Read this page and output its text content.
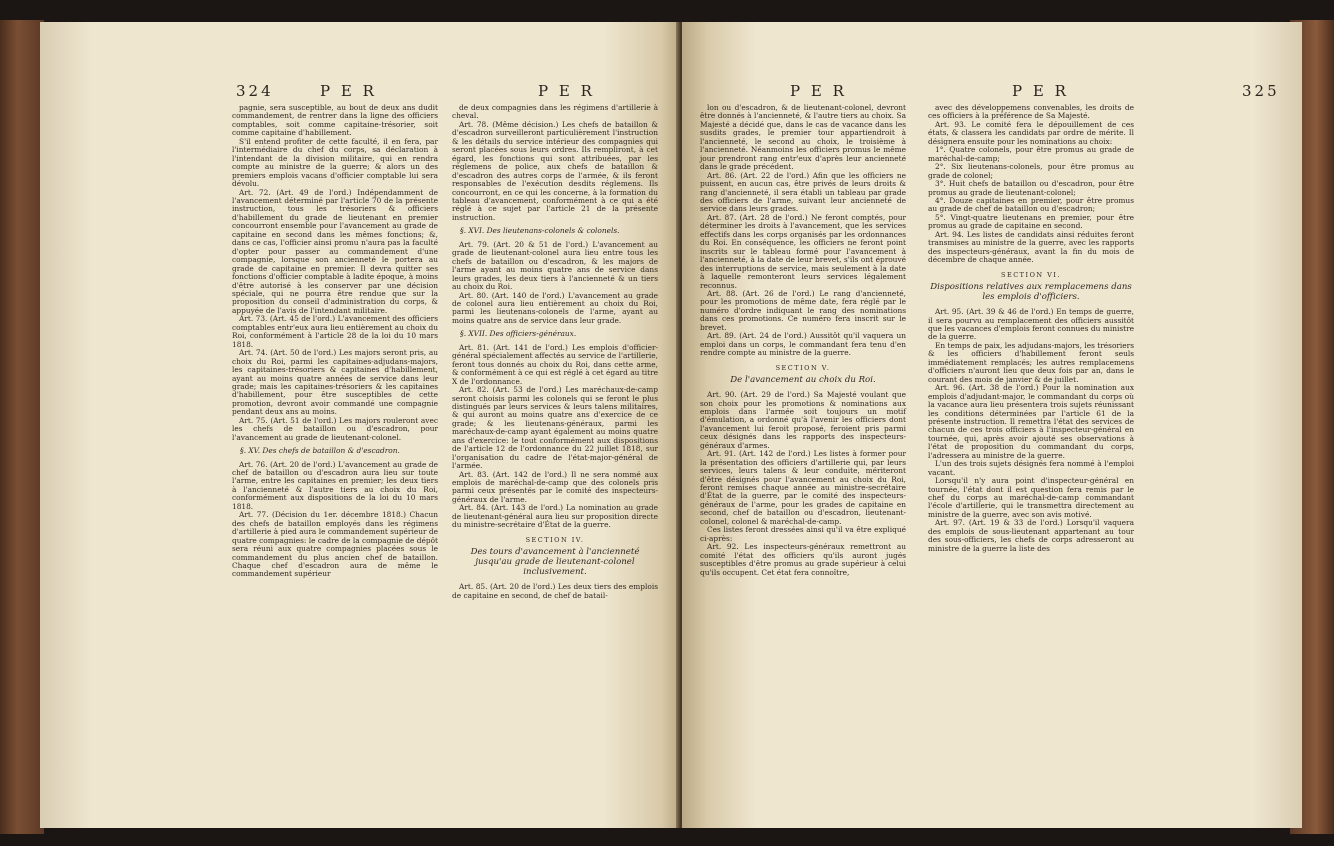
324	P E R	P E R

pagnie, sera susceptible, au bout de deux ans dudit commandement, de rentrer dans la ligne des officiers comptables, soit comme capitaine-trésorier, soit comme capitaine d'habillement.

S'il entend profiter de cette faculté, il en fera, par l'intermédiaire du chef du corps, sa déclaration à l'intendant de la division militaire, qui en rendra compte au ministre de la guerre; & alors un des premiers emplois vacans d'officier comptable lui sera dévolu.

Art. 72. (Art. 49 de l'ord.) Indépendamment de l'avancement déterminé par l'article 70 de la présente instruction, tous les trésoriers & officiers d'habillement du grade de lieutenant en premier concourront ensemble pour l'avancement au grade de capitaine en second dans les mêmes fonctions; &, dans ce cas, l'officier ainsi promu n'aura pas la faculté d'opter pour passer au commandement d'une compagnie, lorsque son ancienneté le portera au grade de capitaine en premier. Il devra quitter ses fonctions d'officier comptable à ladite époque, à moins d'être autorisé à les conserver par une décision spéciale, qui ne pourra être rendue que sur la proposition du conseil d'administration du corps, & appuyée de l'avis de l'intendant militaire.

Art. 73. (Art. 45 de l'ord.) L'avancement des officiers comptables entr'eux aura lieu entièrement au choix du Roi, conformément à l'article 28 de la loi du 10 mars 1818.

Art. 74. (Art. 50 de l'ord.) Les majors seront pris, au choix du Roi, parmi les capitaines-adjudans-majors, les capitaines-trésoriers & capitaines d'habillement, ayant au moins quatre années de service dans leur grade; mais les capitaines-trésoriers & les capitaines d'habillement, pour être susceptibles de cette promotion, devront avoir commandé une compagnie pendant deux ans au moins.

Art. 75. (Art. 51 de l'ord.) Les majors rouleront avec les chefs de bataillon ou d'escadron, pour l'avancement au grade de lieutenant-colonel.

§. XV. Des chefs de bataillon & d'escadron.

Art. 76. (Art. 20 de l'ord.) L'avancement au grade de chef de bataillon ou d'escadron aura lieu sur toute l'arme, entre les capitaines en premier; les deux tiers à l'ancienneté & l'autre tiers au choix du Roi, conformément aux dispositions de la loi du 10 mars 1818.

Art. 77. (Décision du 1er. décembre 1818.) Chacun des chefs de bataillon employés dans les régimens d'artillerie à pied aura le commandement supérieur de quatre compagnies: le cadre de la compagnie de dépôt sera réuni aux quatre compagnies placées sous le commandement du plus ancien chef de bataillon. Chaque chef d'escadron aura de même le commandement supérieur

de deux compagnies dans les régimens d'artillerie à cheval.

Art. 78. (Même décision.) Les chefs de bataillon & d'escadron surveilleront particulièrement l'instruction & les détails du service intérieur des compagnies qui seront placées sous leurs ordres. Ils rempliront, à cet égard, les fonctions qui sont attribuées, par les réglemens de police, aux chefs de bataillon & d'escadron des autres corps de l'armée, & ils feront responsables de l'exécution desdits réglemens. Ils concourront, en ce qui les concerne, à la formation du tableau d'avancement, conformément à ce qui a été réglé à ce sujet par l'article 21 de la présente instruction.

§. XVI. Des lieutenans-colonels & colonels.

Art. 79. (Art. 20 & 51 de l'ord.) L'avancement au grade de lieutenant-colonel aura lieu entre tous les chefs de bataillon ou d'escadron, & les majors de l'arme ayant au moins quatre ans de service dans leurs grades, les deux tiers à l'ancienneté & un tiers au choix du Roi.

Art. 80. (Art. 140 de l'ord.) L'avancement au grade de colonel aura lieu entièrement au choix du Roi, parmi les lieutenans-colonels de l'arme, ayant au moins quatre ans de service dans leur grade.

§. XVII. Des officiers-généraux.

Art. 81. (Art. 141 de l'ord.) Les emplois d'officier-général spécialement affectés au service de l'artillerie, feront tous donnés au choix du Roi, dans cette arme, & conformément à ce qui est réglé à cet égard au titre X de l'ordonnance.

Art. 82. (Art. 53 de l'ord.) Les maréchaux-de-camp seront choisis parmi les colonels qui se feront le plus distingués par leurs services & leurs talens militaires, & qui auront au moins quatre ans d'exercice de ce grade; & les lieutenans-généraux, parmi les maréchaux-de-camp ayant également au moins quatre ans d'exercice: le tout conformément aux dispositions de l'article 12 de l'ordonnance du 22 juillet 1818, sur l'organisation du cadre de l'état-major-général de l'armée.

Art. 83. (Art. 142 de l'ord.) Il ne sera nommé aux emplois de maréchal-de-camp que des colonels pris parmi ceux présentés par le comité des inspecteurs-généraux de l'arme.

Art. 84. (Art. 143 de l'ord.) La nomination au grade de lieutenant-général aura lieu sur proposition directe du ministre-secrétaire d'État de la guerre.

SECTION IV.

Des tours d'avancement à l'ancienneté jusqu'au grade de lieutenant-colonel inclusivement.

Art. 85. (Art. 20 de l'ord.) Les deux tiers des emplois de capitaine en second, de chef de batail-

P E R	P E R	325

lon ou d'escadron, & de lieutenant-colonel, devront être donnés à l'ancienneté, & l'autre tiers au choix. Sa Majesté a décidé que, dans le cas de vacance dans les susdits grades, le premier tour appartiendroit à l'ancienneté, le second au choix, le troisième à l'ancienneté. Néanmoins les officiers promus le même jour prendront rang entr'eux d'après leur ancienneté dans le grade précédent.

Art. 86. (Art. 22 de l'ord.) Afin que les officiers ne puissent, en aucun cas, être privés de leurs droits & rang d'ancienneté, il sera établi un tableau par grade des officiers de l'arme, suivant leur ancienneté de service dans leurs grades.

Art. 87. (Art. 28 de l'ord.) Ne feront comptés, pour déterminer les droits à l'avancement, que les services effectifs dans les corps organisés par les ordonnances du Roi. En conséquence, les officiers ne feront point inscrits sur le tableau formé pour l'avancement à l'ancienneté, à la date de leur brevet, s'ils ont éprouvé des interruptions de service, mais seulement à la date à laquelle remonteront leurs services légalement reconnus.

Art. 88. (Art. 26 de l'ord.) Le rang d'ancienneté, pour les promotions de même date, fera réglé par le numéro d'ordre indiquant le rang des nominations dans ces promotions. Ce numéro fera inscrit sur le brevet.

Art. 89. (Art. 24 de l'ord.) Aussitôt qu'il vaquera un emploi dans un corps, le commandant fera tenu d'en rendre compte au ministre de la guerre.

SECTION V.

De l'avancement au choix du Roi.

Art. 90. (Art. 29 de l'ord.) Sa Majesté voulant que son choix pour les promotions & nominations aux emplois dans l'armée soit toujours un motif d'émulation, a ordonné qu'à l'avenir les officiers dont l'avancement lui feroit proposé, feroient pris parmi ceux désignés dans les rapports des inspecteurs-généraux d'armes.

Art. 91. (Art. 142 de l'ord.) Les listes à former pour la présentation des officiers d'artillerie qui, par leurs services, leurs talens & leur conduite, mériteront d'être désignés pour l'avancement au choix du Roi, feront remises chaque année au ministre-secrétaire d'État de la guerre, par le comité des inspecteurs-généraux de l'arme, pour les grades de capitaine en second, chef de bataillon ou d'escadron, lieutenant-colonel, colonel & maréchal-de-camp.

Ces listes feront dressées ainsi qu'il va être expliqué ci-après:

Art. 92. Les inspecteurs-généraux remettront au comité l'état des officiers qu'ils auront jugés susceptibles d'être promus au grade supérieur à celui qu'ils occupent. Cet état fera connoître,

avec des développemens convenables, les droits de ces officiers à la préférence de Sa Majesté.

Art. 93. Le comité fera le dépouillement de ces états, & classera les candidats par ordre de mérite. Il désignera ensuite pour les nominations au choix:

1°. Quatre colonels, pour être promus au grade de maréchal-de-camp;

2°. Six lieutenans-colonels, pour être promus au grade de colonel;

3°. Huit chefs de bataillon ou d'escadron, pour être promus au grade de lieutenant-colonel;

4°. Douze capitaines en premier, pour être promus au grade de chef de bataillon ou d'escadron;

5°. Vingt-quatre lieutenans en premier, pour être promus au grade de capitaine en second.

Art. 94. Les listes de candidats ainsi réduites feront transmises au ministre de la guerre, avec les rapports des inspecteurs-généraux, avant la fin du mois de décembre de chaque année.

SECTION VI.

Dispositions relatives aux remplacemens dans les emplois d'officiers.

Art. 95. (Art. 39 & 46 de l'ord.) En temps de guerre, il sera pourvu au remplacement des officiers aussitôt que les vacances d'emplois feront connues du ministre de la guerre.

En temps de paix, les adjudans-majors, les trésoriers & les officiers d'habillement feront seuls immédiatement remplacés; les autres remplacemens d'officiers n'auront lieu que deux fois par an, dans le courant des mois de janvier & de juillet.

Art. 96. (Art. 38 de l'ord.) Pour la nomination aux emplois d'adjudant-major, le commandant du corps où la vacance aura lieu présentera trois sujets réunissant les conditions déterminées par l'article 61 de la présente instruction. Il remettra l'état des services de chacun de ces trois officiers à l'inspecteur-général en tournée, qui, après avoir ajouté ses observations à l'état de proposition du commandant du corps, l'adressera au ministre de la guerre.

L'un des trois sujets désignés fera nommé à l'emploi vacant.

Lorsqu'il n'y aura point d'inspecteur-général en tournée, l'état dont il est question fera remis par le chef du corps au maréchal-de-camp commandant l'école d'artillerie, qui le transmettra directement au ministre de la guerre, avec son avis motivé.

Art. 97. (Art. 19 & 33 de l'ord.) Lorsqu'il vaquera des emplois de sous-lieutenant appartenant au tour des sous-officiers, les chefs de corps adresseront au ministre de la guerre la liste des
